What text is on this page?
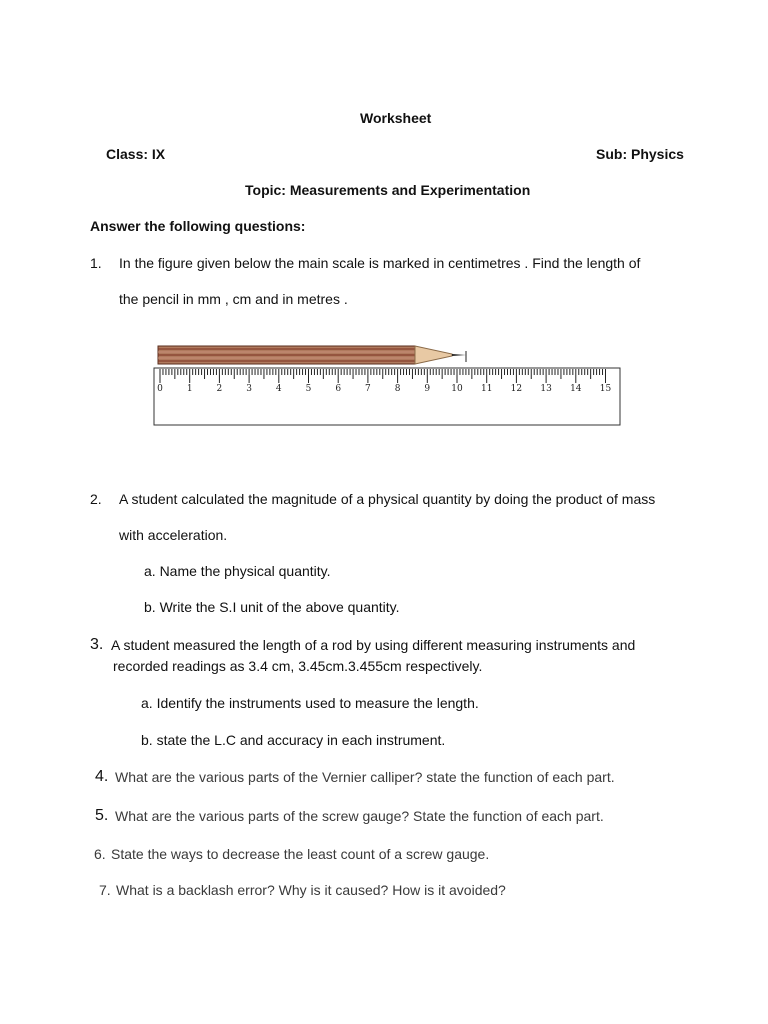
Worksheet
Class: IX	Sub: Physics
Topic: Measurements and Experimentation
Answer the following questions:
1. In the figure given below the main scale is marked in centimetres . Find the length of
the pencil in mm , cm and in metres .
0	1	2	3	4	5	6	7	8	9 10 11 12 13 14 15
2. A student calculated the magnitude of a physical quantity by doing the product of mass
with acceleration.
a. Name the physical quantity.
b. Write the S.I unit of the above quantity.
3. A student measured the length of a rod by using different measuring instruments and
recorded readings as 3.4 cm, 3.45cm.3.455cm respectively.
a. Identify the instruments used to measure the length.
b. state the L.C and accuracy in each instrument.
4. What are the various parts of the Vernier calliper? state the function of each part.
5. What are the various parts of the screw gauge? State the function of each part.
6. State the ways to decrease the least count of a screw gauge.
7. What is a backlash error? Why is it caused? How is it avoided?
